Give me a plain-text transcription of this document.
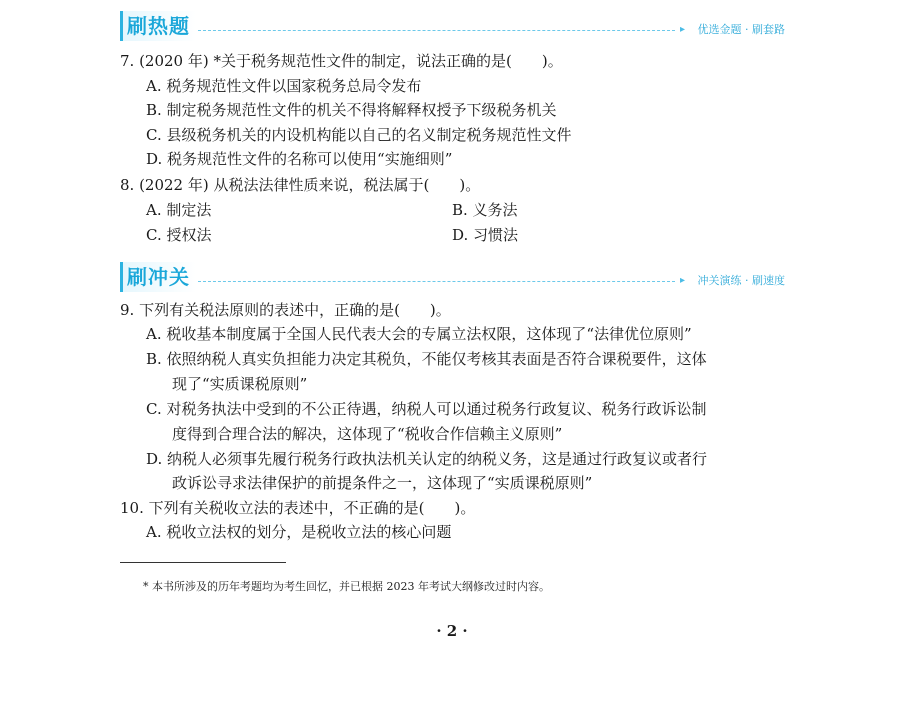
刷热题	▸ 优选金题 · 刷套路
7. (2020 年) *关于税务规范性文件的制定，说法正确的是(　　)。
A. 税务规范性文件以国家税务总局令发布
B. 制定税务规范性文件的机关不得将解释权授予下级税务机关
C. 县级税务机关的内设机构能以自己的名义制定税务规范性文件
D. 税务规范性文件的名称可以使用“实施细则”
8. (2022 年) 从税法法律性质来说，税法属于(　　)。
A. 制定法	B. 义务法
C. 授权法	D. 习惯法
刷冲关	▸ 冲关演练 · 刷速度
9. 下列有关税法原则的表述中，正确的是(　　)。
A. 税收基本制度属于全国人民代表大会的专属立法权限，这体现了“法律优位原则”
B. 依照纳税人真实负担能力决定其税负，不能仅考核其表面是否符合课税要件，这体
现了“实质课税原则”
C. 对税务执法中受到的不公正待遇，纳税人可以通过税务行政复议、税务行政诉讼制
度得到合理合法的解决，这体现了“税收合作信赖主义原则”
D. 纳税人必须事先履行税务行政执法机关认定的纳税义务，这是通过行政复议或者行
政诉讼寻求法律保护的前提条件之一，这体现了“实质课税原则”
10. 下列有关税收立法的表述中，不正确的是(　　)。
A. 税收立法权的划分，是税收立法的核心问题
* 本书所涉及的历年考题均为考生回忆，并已根据 2023 年考试大纲修改过时内容。
· 2 ·
